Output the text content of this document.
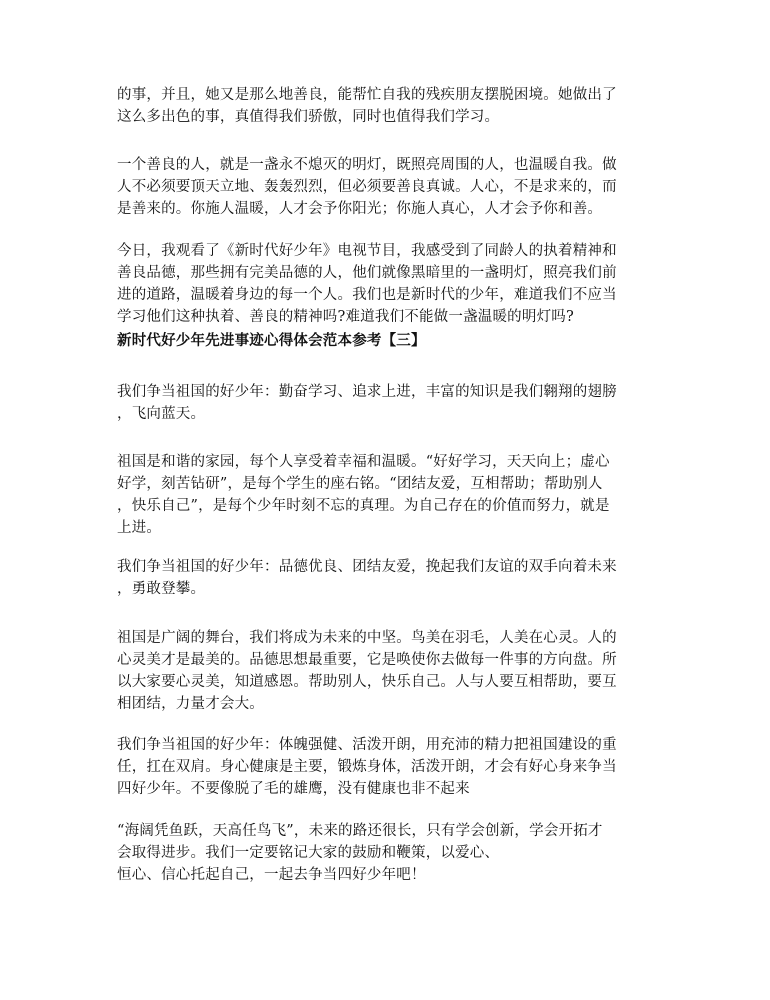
的事，并且，她又是那么地善良，能帮忙自我的残疾朋友摆脱困境。她做出了
这么多出色的事，真值得我们骄傲，同时也值得我们学习。

一个善良的人，就是一盏永不熄灭的明灯，既照亮周围的人，也温暖自我。做
人不必须要顶天立地、轰轰烈烈，但必须要善良真诚。人心，不是求来的，而
是善来的。你施人温暖，人才会予你阳光；你施人真心，人才会予你和善。

今日，我观看了《新时代好少年》电视节目，我感受到了同龄人的执着精神和
善良品德，那些拥有完美品德的人，他们就像黑暗里的一盏明灯，照亮我们前
进的道路，温暖着身边的每一个人。我们也是新时代的少年，难道我们不应当
学习他们这种执着、善良的精神吗?难道我们不能做一盏温暖的明灯吗?

新时代好少年先进事迹心得体会范本参考【三】

我们争当祖国的好少年：勤奋学习、追求上进，丰富的知识是我们翱翔的翅膀
，飞向蓝天。

祖国是和谐的家园，每个人享受着幸福和温暖。“好好学习，天天向上；虚心
好学，刻苦钻研”，是每个学生的座右铭。“团结友爱，互相帮助；帮助别人
，快乐自己”，是每个少年时刻不忘的真理。为自己存在的价值而努力，就是
上进。

我们争当祖国的好少年：品德优良、团结友爱，挽起我们友谊的双手向着未来
，勇敢登攀。

祖国是广阔的舞台，我们将成为未来的中坚。鸟美在羽毛，人美在心灵。人的
心灵美才是最美的。品德思想最重要，它是唤使你去做每一件事的方向盘。所
以大家要心灵美，知道感恩。帮助别人，快乐自己。人与人要互相帮助，要互
相团结，力量才会大。

我们争当祖国的好少年：体魄强健、活泼开朗，用充沛的精力把祖国建设的重
任，扛在双肩。身心健康是主要，锻炼身体，活泼开朗，才会有好心身来争当
四好少年。不要像脱了毛的雄鹰，没有健康也非不起来

“海阔凭鱼跃，天高任鸟飞”，未来的路还很长，只有学会创新，学会开拓才
会取得进步。我们一定要铭记大家的鼓励和鞭策，以爱心、
恒心、信心托起自己，一起去争当四好少年吧！
